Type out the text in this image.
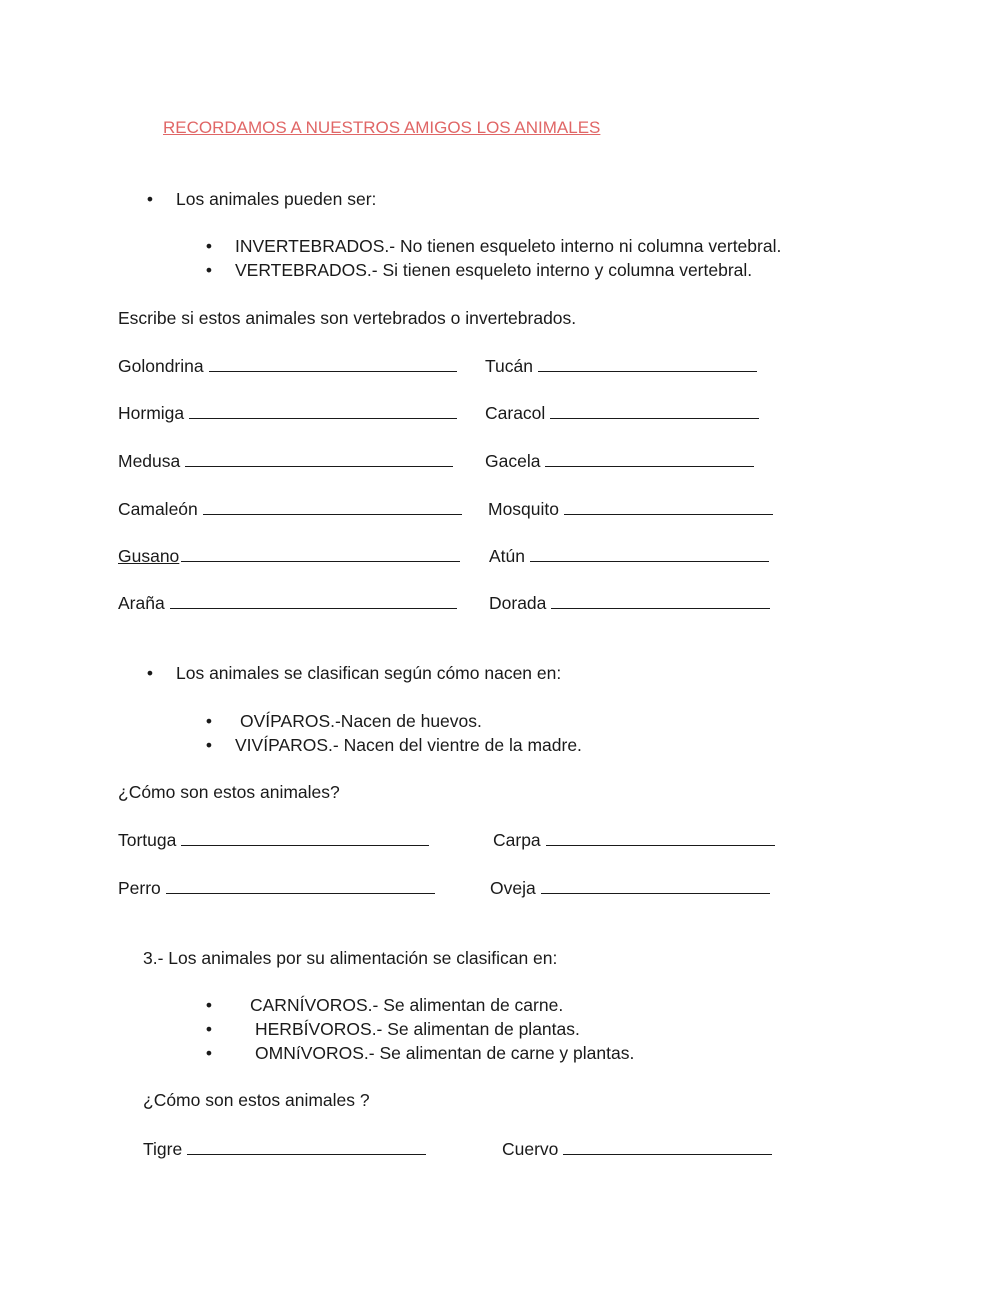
RECORDAMOS A NUESTROS AMIGOS LOS ANIMALES
• Los animales pueden ser:
• INVERTEBRADOS.- No tienen esqueleto interno ni columna vertebral.
• VERTEBRADOS.- Si tienen esqueleto interno y columna vertebral.
Escribe si estos animales son vertebrados o invertebrados.
Golondrina	Tucán
Hormiga	Caracol
Medusa	Gacela
Camaleón	Mosquito
Gusano	Atún
Araña	Dorada
• Los animales se clasifican según cómo nacen en:
• OVÍPAROS.-Nacen de huevos.
• VIVÍPAROS.- Nacen del vientre de la madre.
¿Cómo son estos animales?
Tortuga	Carpa
Perro	Oveja
3.- Los animales por su alimentación se clasifican en:
• CARNÍVOROS.- Se alimentan de carne.
• HERBÍVOROS.- Se alimentan de plantas.
• OMNíVOROS.- Se alimentan de carne y plantas.
¿Cómo son estos animales ?
Tigre	Cuervo
